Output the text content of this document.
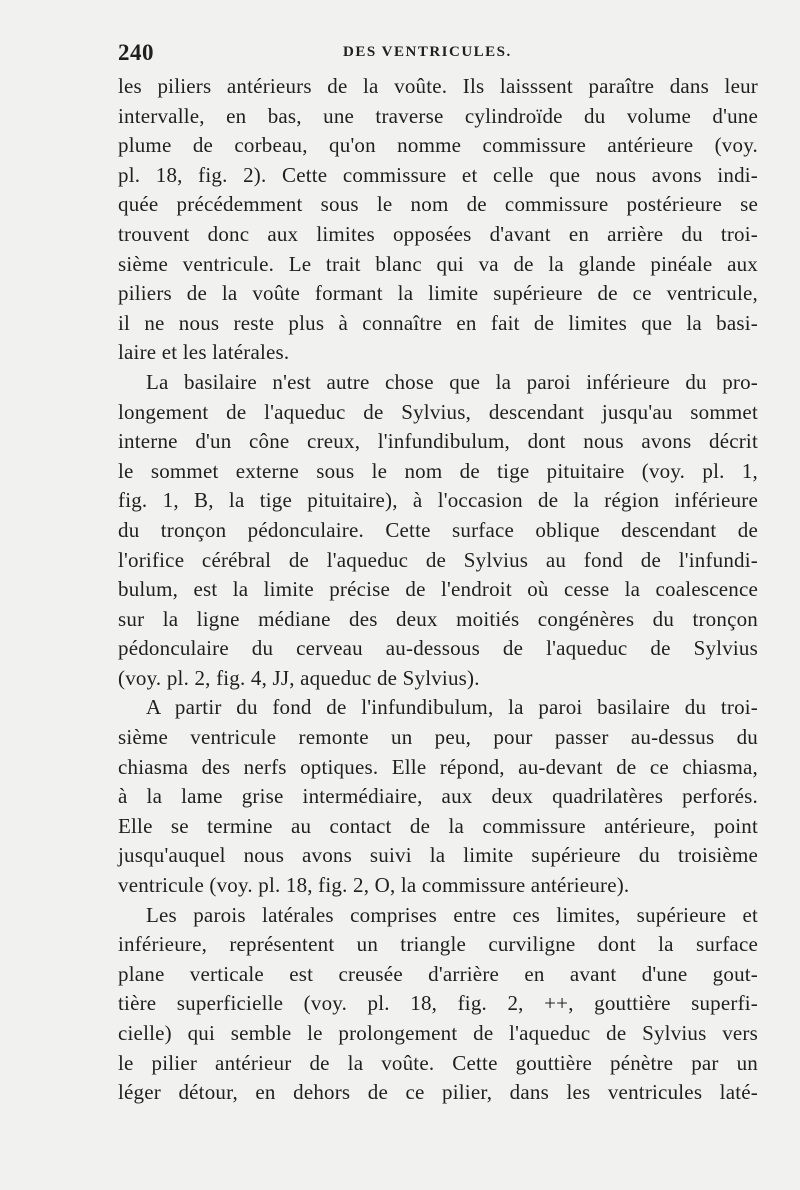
240	DES VENTRICULES.
les piliers antérieurs de la voûte. Ils laisssent paraître dans leur
intervalle, en bas, une traverse cylindroïde du volume d'une
plume de corbeau, qu'on nomme commissure antérieure (voy.
pl. 18, fig. 2). Cette commissure et celle que nous avons indi-
quée précédemment sous le nom de commissure postérieure se
trouvent donc aux limites opposées d'avant en arrière du troi-
sième ventricule. Le trait blanc qui va de la glande pinéale aux
piliers de la voûte formant la limite supérieure de ce ventricule,
il ne nous reste plus à connaître en fait de limites que la basi-
laire et les latérales.
La basilaire n'est autre chose que la paroi inférieure du pro-
longement de l'aqueduc de Sylvius, descendant jusqu'au sommet
interne d'un cône creux, l'infundibulum, dont nous avons décrit
le sommet externe sous le nom de tige pituitaire (voy. pl. 1,
fig. 1, B, la tige pituitaire), à l'occasion de la région inférieure
du tronçon pédonculaire. Cette surface oblique descendant de
l'orifice cérébral de l'aqueduc de Sylvius au fond de l'infundi-
bulum, est la limite précise de l'endroit où cesse la coalescence
sur la ligne médiane des deux moitiés congénères du tronçon
pédonculaire du cerveau au-dessous de l'aqueduc de Sylvius
(voy. pl. 2, fig. 4, JJ, aqueduc de Sylvius).
A partir du fond de l'infundibulum, la paroi basilaire du troi-
sième ventricule remonte un peu, pour passer au-dessus du
chiasma des nerfs optiques. Elle répond, au-devant de ce chiasma,
à la lame grise intermédiaire, aux deux quadrilatères perforés.
Elle se termine au contact de la commissure antérieure, point
jusqu'auquel nous avons suivi la limite supérieure du troisième
ventricule (voy. pl. 18, fig. 2, O, la commissure antérieure).
Les parois latérales comprises entre ces limites, supérieure et
inférieure, représentent un triangle curviligne dont la surface
plane verticale est creusée d'arrière en avant d'une gout-
tière superficielle (voy. pl. 18, fig. 2, ++, gouttière superfi-
cielle) qui semble le prolongement de l'aqueduc de Sylvius vers
le pilier antérieur de la voûte. Cette gouttière pénètre par un
léger détour, en dehors de ce pilier, dans les ventricules laté-
